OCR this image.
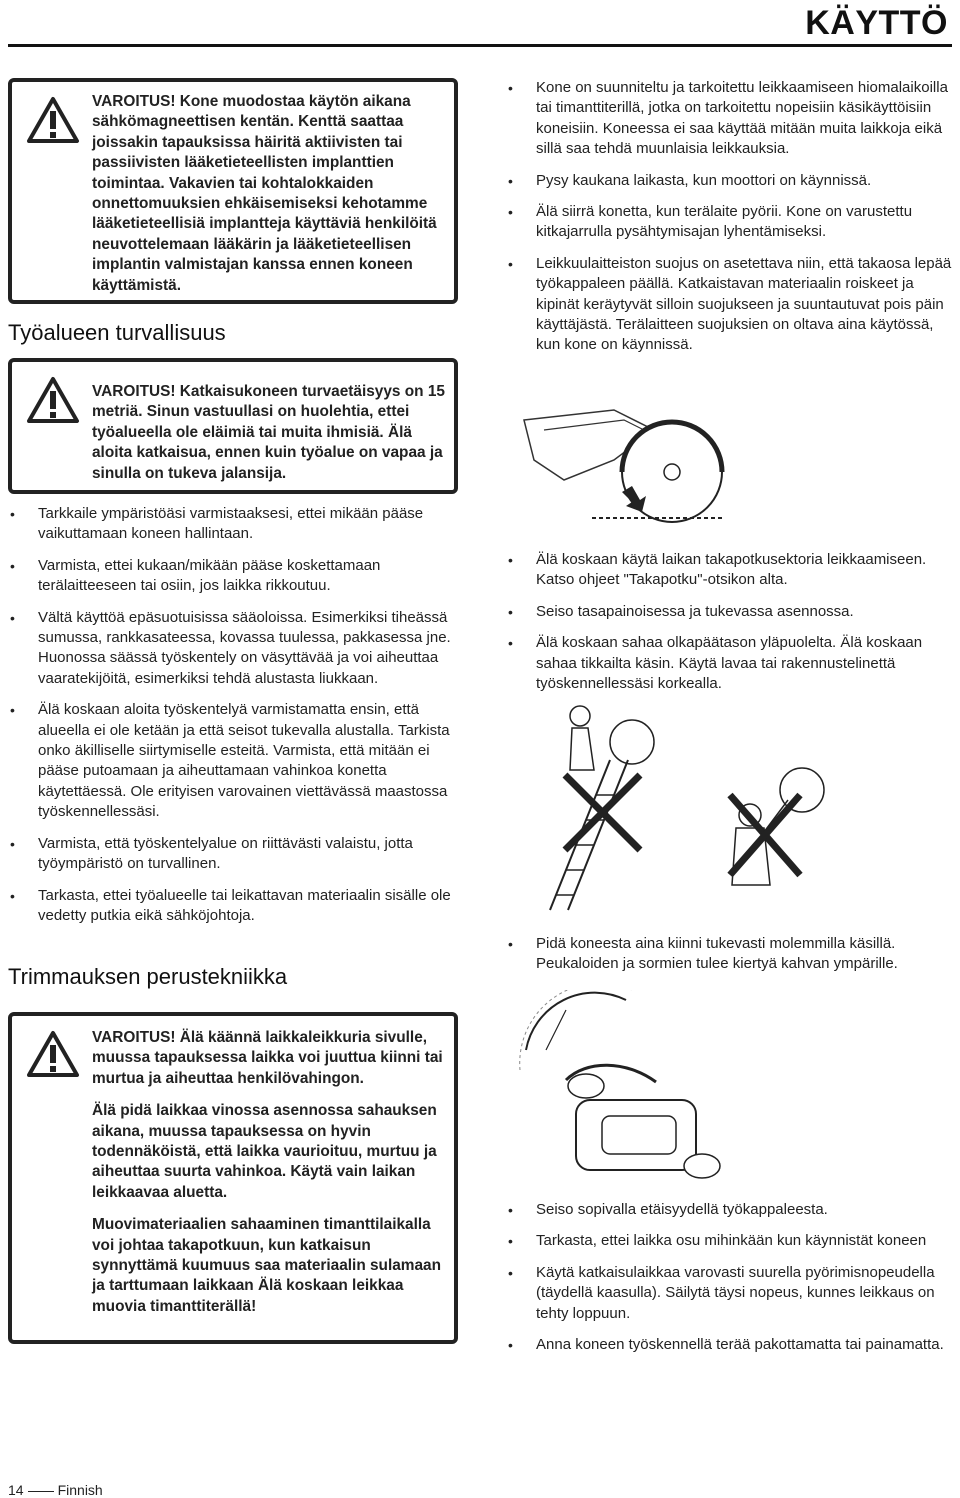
KÄYTTÖ

VAROITUS! Kone muodostaa käytön aikana sähkömagneettisen kentän. Kenttä saattaa joissakin tapauksissa häiritä aktiivisten tai passiivisten lääketieteellisten implanttien toimintaa. Vakavien tai kohtalokkaiden onnettomuuksien ehkäisemiseksi kehotamme lääketieteellisiä implantteja käyttäviä henkilöitä neuvottelemaan lääkärin ja lääketieteellisen implantin valmistajan kanssa ennen koneen käyttämistä.

Työalueen turvallisuus

VAROITUS! Katkaisukoneen turvaetäisyys on 15 metriä. Sinun vastuullasi on huolehtia, ettei työalueella ole eläimiä tai muita ihmisiä. Älä aloita katkaisua, ennen kuin työalue on vapaa ja sinulla on tukeva jalansija.

• Tarkkaile ympäristöäsi varmistaaksesi, ettei mikään pääse vaikuttamaan koneen hallintaan.
• Varmista, ettei kukaan/mikään pääse koskettamaan terälaitteeseen tai osiin, jos laikka rikkoutuu.
• Vältä käyttöä epäsuotuisissa sääoloissa. Esimerkiksi tiheässä sumussa, rankkasateessa, kovassa tuulessa, pakkasessa jne. Huonossa säässä työskentely on väsyttävää ja voi aiheuttaa vaaratekijöitä, esimerkiksi tehdä alustasta liukkaan.
• Älä koskaan aloita työskentelyä varmistamatta ensin, että alueella ei ole ketään ja että seisot tukevalla alustalla. Tarkista onko äkilliselle siirtymiselle esteitä. Varmista, että mitään ei pääse putoamaan ja aiheuttamaan vahinkoa konetta käytettäessä. Ole erityisen varovainen viettävässä maastossa työskennellessäsi.
• Varmista, että työskentelyalue on riittävästi valaistu, jotta työympäristö on turvallinen.
• Tarkasta, ettei työalueelle tai leikattavan materiaalin sisälle ole vedetty putkia eikä sähköjohtoja.
Trimmauksen perustekniikka

VAROITUS! Älä käännä laikkaleikkuria sivulle, muussa tapauksessa laikka voi juuttua kiinni tai murtua ja aiheuttaa henkilövahingon.

Älä pidä laikkaa vinossa asennossa sahauksen aikana, muussa tapauksessa on hyvin todennäköistä, että laikka vaurioituu, murtuu ja aiheuttaa suurta vahinkoa. Käytä vain laikan leikkaavaa aluetta.

Muovimateriaalien sahaaminen timanttilaikalla voi johtaa takapotkuun, kun katkaisun synnyttämä kuumuus saa materiaalin sulamaan ja tarttumaan laikkaan Älä koskaan leikkaa muovia timanttiterällä!

• Kone on suunniteltu ja tarkoitettu leikkaamiseen hiomalaikoilla tai timanttiterillä, jotka on tarkoitettu nopeisiin käsikäyttöisiin koneisiin. Koneessa ei saa käyttää mitään muita laikkoja eikä sillä saa tehdä muunlaisia leikkauksia.
• Pysy kaukana laikasta, kun moottori on käynnissä.
• Älä siirrä konetta, kun terälaite pyörii. Kone on varustettu kitkajarrulla pysähtymisajan lyhentämiseksi.
• Leikkuulaitteiston suojus on asetettava niin, että takaosa lepää työkappaleen päällä. Katkaistavan materiaalin roiskeet ja kipinät keräytyvät silloin suojukseen ja suuntautuvat pois päin käyttäjästä. Terälaitteen suojuksien on oltava aina käytössä, kun kone on käynnissä.
• Älä koskaan käytä laikan takapotkusektoria leikkaamiseen. Katso ohjeet "Takapotku"-otsikon alta.
• Seiso tasapainoisessa ja tukevassa asennossa.
• Älä koskaan sahaa olkapäätason yläpuolelta. Älä koskaan sahaa tikkailta käsin. Käytä lavaa tai rakennustelinettä työskennellessäsi korkealla.
• Pidä koneesta aina kiinni tukevasti molemmilla käsillä. Peukaloiden ja sormien tulee kiertyä kahvan ympärille.
• Seiso sopivalla etäisyydellä työkappaleesta.
• Tarkasta, ettei laikka osu mihinkään kun käynnistät koneen
• Käytä katkaisulaikkaa varovasti suurella pyörimisnopeudella (täydellä kaasulla). Säilytä täysi nopeus, kunnes leikkaus on tehty loppuun.
• Anna koneen työskennellä terää pakottamatta tai painamatta.
14 Finnish
